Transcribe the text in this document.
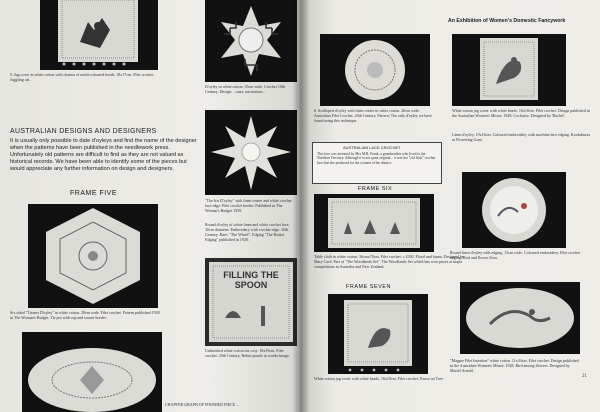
5. Jug cover in white cotton with charms of multi-coloured beads. 18x17cm. Filet crochet. Juggling cat.
D'oyley in white cotton. 35cm wide. Crochet 10th Century. Design: ...stars, nasturtium...
"The Iris D'oyley" with linen centre and white crochet lace edge. Filet crochet border. Published in The Woman's Budget 1939.
Round d'oyley of white linen and white crochet lace, 30cm diameter. Embroidery with crochet edge. 20th Century. Rare: "The Wheel". Edging "The Basket Edging" published in 1928.
AUSTRALIAN DESIGNS AND DESIGNERS
It is usually only possible to date d'oyleys and find the name of the designer when the patterns have been published in the needlework press. Unfortunately old patterns are difficult to find as they are not valued as historical records. We have been able to identify some of the pieces but would appreciate any further information on design and designers.
FRAME FIVE
Six sided "Trianet D'oyley" in white cotton. 28cm wide. Filet crochet. Pattern published 1928 in The Woman's Budget. Tie pot with cup and saucer border.
FILLING THE SPOON
Unfinished white cotton tea cosy. 18x19cm. Filet crochet. 20th Century. Rebus puzzle in words-image.
CHAPTER GRAPH OF FINISHED PIECE ...
An Exhibition of Women's Domestic Fancywork
6. Scalloped d'oyley with linen centre in white cotton. 20cm wide. Australian Filet Crochet, 20th Century. Pattern: The only d'oyley we have found using this technique.
White cotton jug cover with white beads. 16x18cm. Filet crochet. Design published in the Australian Women's Mirror, 1928. Cockatoo. Designed by 'Rachel'.
Linen d'oyley. 19x16cm. Coloured embroidery with machine lace edging. Kookaburra in Flowering Gum.
AUSTRALIAN LACE CROCHET
This lace was invented by Mrs M.R. Frank, a grandmother who lived in the Northern Territory. Although it is not quite original... it was her "old Irish" crochet lace that she produced for the women of the district.
FRAME SIX
Table cloth in white cotton. 36cmx70cm. Filet crochet. c.1930. Floral and fauna. Designed by Mary Card. Part of "The Woodlands Set". The Woodlands Set which has won prizes at major competitions in Australia and New Zealand.
Round linen d'oyley with edging. 15cm wide. Coloured embroidery. Filet crochet edging. Bird and flower flora.
FRAME SEVEN
White cotton jug cover with white beads. 16x18cm. Filet crochet. Parrot on Tree.
"Magpie Filet Insertion" white cotton. 11x34cm. Filet crochet. Design published in the Australian Women's Mirror, 1928. Bird among flowers. Designed by Muriel Arnold.
21
